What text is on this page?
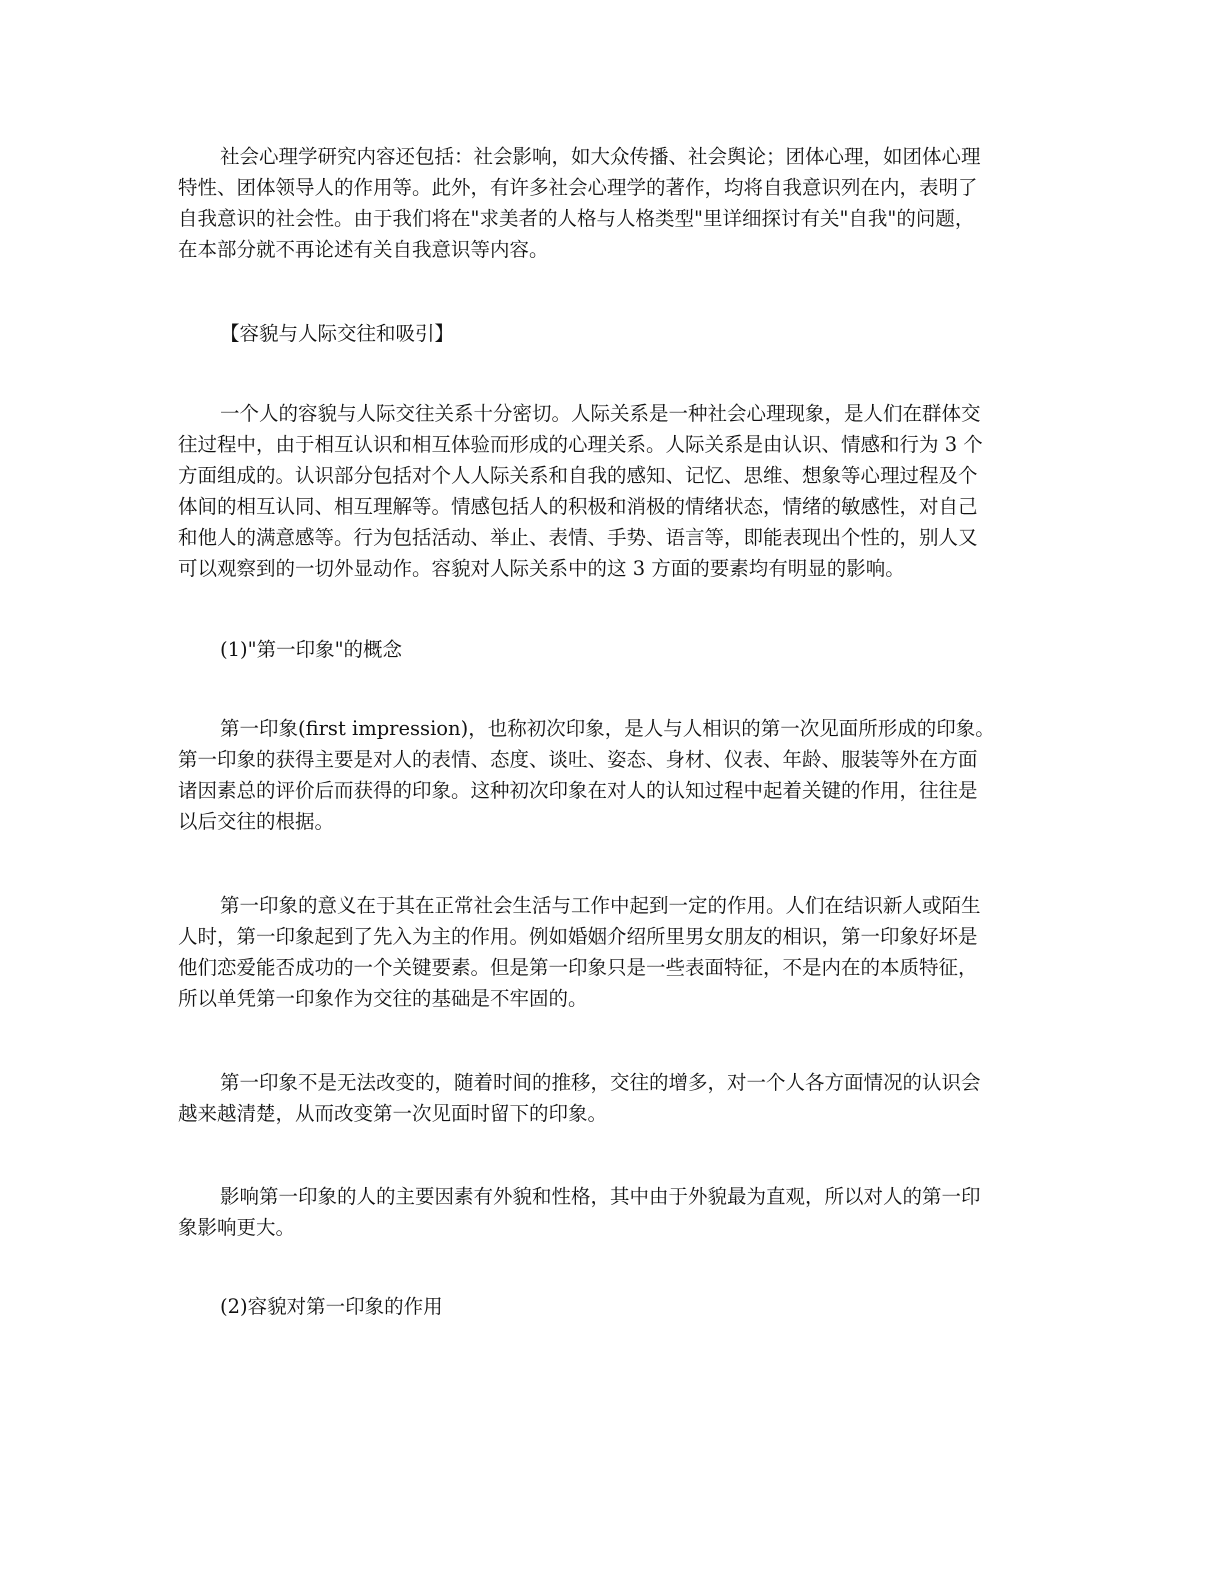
社会心理学研究内容还包括：社会影响，如大众传播、社会舆论；团体心理，如团体心理
特性、团体领导人的作用等。此外，有许多社会心理学的著作，均将自我意识列在内，表明了
自我意识的社会性。由于我们将在"求美者的人格与人格类型"里详细探讨有关"自我"的问题，
在本部分就不再论述有关自我意识等内容。

【容貌与人际交往和吸引】

一个人的容貌与人际交往关系十分密切。人际关系是一种社会心理现象，是人们在群体交
往过程中，由于相互认识和相互体验而形成的心理关系。人际关系是由认识、情感和行为 3 个
方面组成的。认识部分包括对个人人际关系和自我的感知、记忆、思维、想象等心理过程及个
体间的相互认同、相互理解等。情感包括人的积极和消极的情绪状态，情绪的敏感性，对自己
和他人的满意感等。行为包括活动、举止、表情、手势、语言等，即能表现出个性的，别人又
可以观察到的一切外显动作。容貌对人际关系中的这 3 方面的要素均有明显的影响。

(1)"第一印象"的概念

第一印象(first impression)，也称初次印象，是人与人相识的第一次见面所形成的印象。
第一印象的获得主要是对人的表情、态度、谈吐、姿态、身材、仪表、年龄、服装等外在方面
诸因素总的评价后而获得的印象。这种初次印象在对人的认知过程中起着关键的作用，往往是
以后交往的根据。

第一印象的意义在于其在正常社会生活与工作中起到一定的作用。人们在结识新人或陌生
人时，第一印象起到了先入为主的作用。例如婚姻介绍所里男女朋友的相识，第一印象好坏是
他们恋爱能否成功的一个关键要素。但是第一印象只是一些表面特征，不是内在的本质特征，
所以单凭第一印象作为交往的基础是不牢固的。

第一印象不是无法改变的，随着时间的推移，交往的增多，对一个人各方面情况的认识会
越来越清楚，从而改变第一次见面时留下的印象。

影响第一印象的人的主要因素有外貌和性格，其中由于外貌最为直观，所以对人的第一印
象影响更大。

(2)容貌对第一印象的作用
